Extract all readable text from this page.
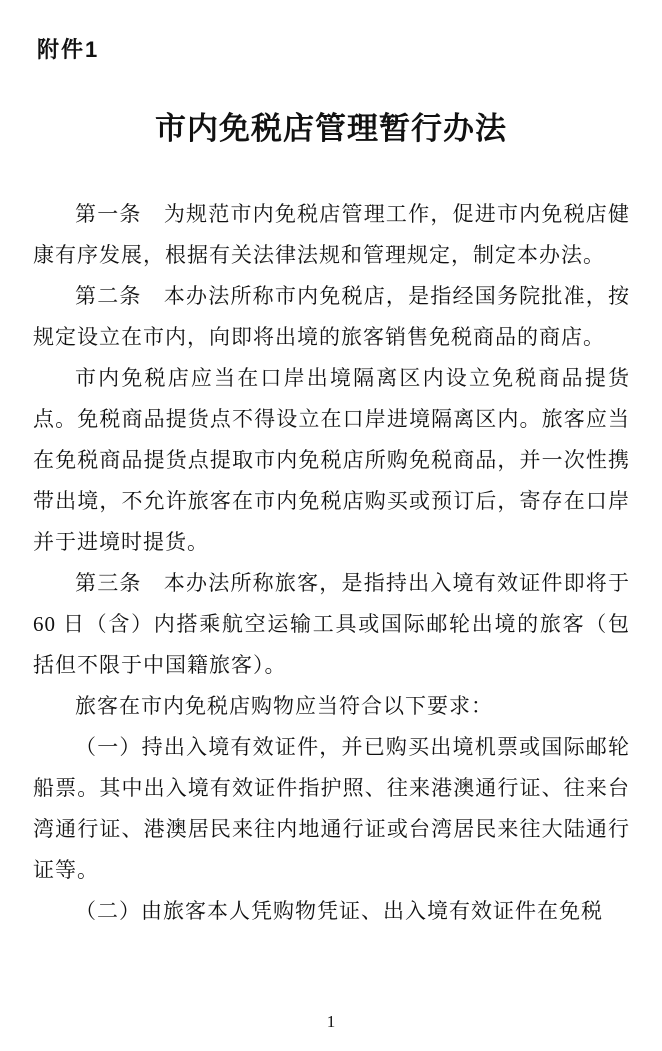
附件1
市内免税店管理暂行办法

第一条　为规范市内免税店管理工作，促进市内免税店健康有序发展，根据有关法律法规和管理规定，制定本办法。

第二条　本办法所称市内免税店，是指经国务院批准，按规定设立在市内，向即将出境的旅客销售免税商品的商店。

市内免税店应当在口岸出境隔离区内设立免税商品提货点。免税商品提货点不得设立在口岸进境隔离区内。旅客应当在免税商品提货点提取市内免税店所购免税商品，并一次性携带出境，不允许旅客在市内免税店购买或预订后，寄存在口岸并于进境时提货。

第三条　本办法所称旅客，是指持出入境有效证件即将于 60 日（含）内搭乘航空运输工具或国际邮轮出境的旅客（包括但不限于中国籍旅客）。

旅客在市内免税店购物应当符合以下要求：

（一）持出入境有效证件，并已购买出境机票或国际邮轮船票。其中出入境有效证件指护照、往来港澳通行证、往来台湾通行证、港澳居民来往内地通行证或台湾居民来往大陆通行证等。

（二）由旅客本人凭购物凭证、出入境有效证件在免税

1
